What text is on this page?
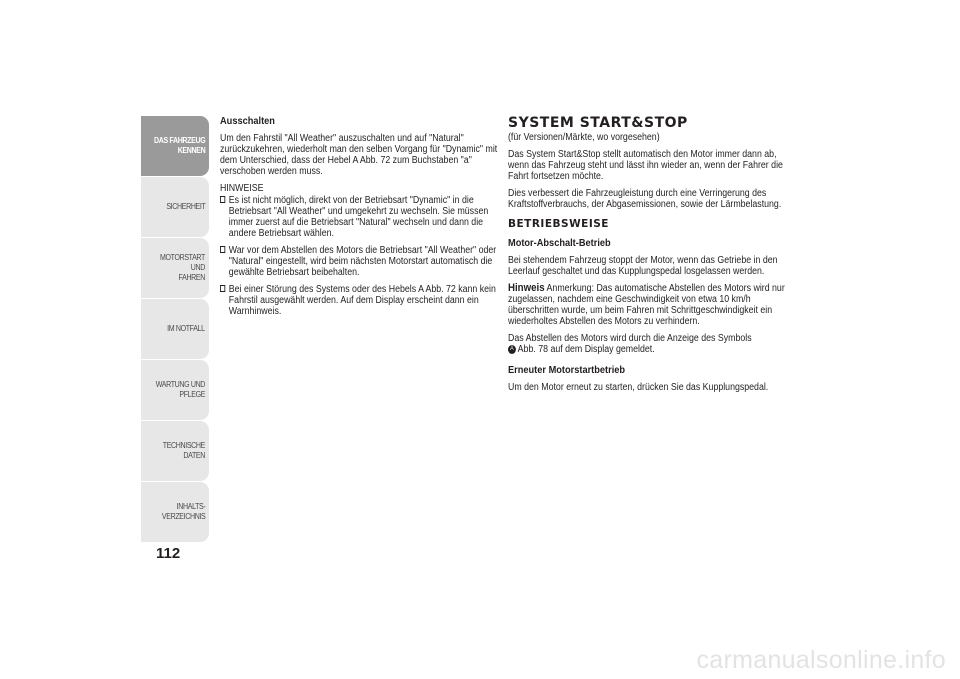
DAS FAHRZEUG
KENNEN
SICHERHEIT
MOTORSTART UND
FAHREN
IM NOTFALL
WARTUNG UND
PFLEGE
TECHNISCHE DATEN
INHALTS-
VERZEICHNIS
112

Ausschalten

Um den Fahrstil "All Weather" auszuschalten und auf "Natural" zurückzukehren, wiederholt man den selben Vorgang für "Dynamic" mit dem Unterschied, dass der Hebel A Abb. 72 zum Buchstaben "a" verschoben werden muss.

HINWEISE

Es ist nicht möglich, direkt von der Betriebsart "Dynamic" in die Betriebsart "All Weather" und umgekehrt zu wechseln. Sie müssen immer zuerst auf die Betriebsart "Natural" wechseln und dann die andere Betriebsart wählen.
War vor dem Abstellen des Motors die Betriebsart "All Weather" oder "Natural" eingestellt, wird beim nächsten Motorstart automatisch die gewählte Betriebsart beibehalten.
Bei einer Störung des Systems oder des Hebels A Abb. 72 kann kein Fahrstil ausgewählt werden. Auf dem Display erscheint dann ein Warnhinweis.
SYSTEM START&STOP

(für Versionen/Märkte, wo vorgesehen)

Das System Start&Stop stellt automatisch den Motor immer dann ab, wenn das Fahrzeug steht und lässt ihn wieder an, wenn der Fahrer die Fahrt fortsetzen möchte.

Dies verbessert die Fahrzeugleistung durch eine Verringerung des Kraftstoffverbrauchs, der Abgasemissionen, sowie der Lärmbelastung.

BETRIEBSWEISE

Motor-Abschalt-Betrieb

Bei stehendem Fahrzeug stoppt der Motor, wenn das Getriebe in den Leerlauf geschaltet und das Kupplungspedal losgelassen werden.

Hinweis Anmerkung: Das automatische Abstellen des Motors wird nur zugelassen, nachdem eine Geschwindigkeit von etwa 10 km/h überschritten wurde, um beim Fahren mit Schrittgeschwindigkeit ein wiederholtes Abstellen des Motors zu verhindern.

Das Abstellen des Motors wird durch die Anzeige des Symbols
A Abb. 78 auf dem Display gemeldet.

Erneuter Motorstartbetrieb

Um den Motor erneut zu starten, drücken Sie das Kupplungspedal.

carmanualsonline.info
